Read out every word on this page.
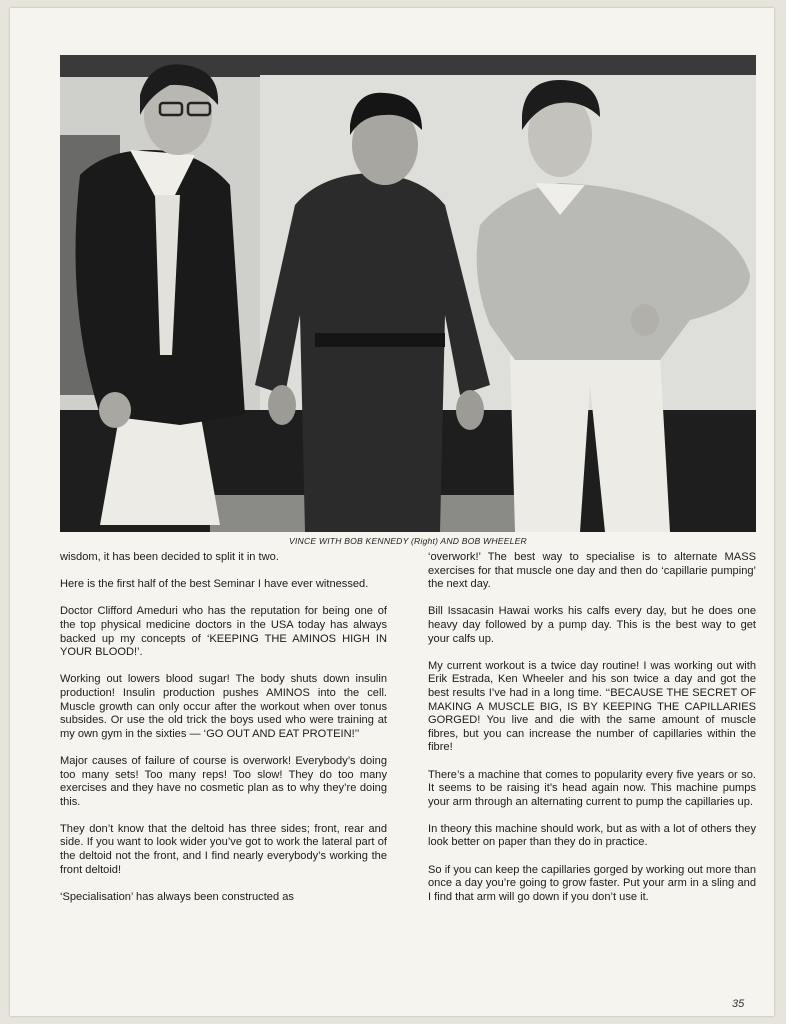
VINCE WITH BOB KENNEDY (Right) AND BOB WHEELER

wisdom, it has been decided to split it in two.

Here is the first half of the best Seminar I have ever witnessed.

Doctor Clifford Ameduri who has the reputation for being one of the top physical medicine doctors in the USA today has always backed up my concepts of ‘KEEPING THE AMINOS HIGH IN YOUR BLOOD!’.

Working out lowers blood sugar! The body shuts down insulin production! Insulin production pushes AMINOS into the cell. Muscle growth can only occur after the workout when over tonus subsides. Or use the old trick the boys used who were training at my own gym in the sixties — ‘GO OUT AND EAT PROTEIN!’’

Major causes of failure of course is overwork! Everybody’s doing too many sets! Too many reps! Too slow! They do too many exercises and they have no cosmetic plan as to why they’re doing this.

They don’t know that the deltoid has three sides; front, rear and side. If you want to look wider you’ve got to work the lateral part of the deltoid not the front, and I find nearly everybody’s working the front deltoid!

‘Specialisation’ has always been constructed as

‘overwork!’ The best way to specialise is to alternate MASS exercises for that muscle one day and then do ‘capillarie pumping’ the next day.

Bill Issacasin Hawai works his calfs every day, but he does one heavy day followed by a pump day. This is the best way to get your calfs up.

My current workout is a twice day routine! I was working out with Erik Estrada, Ken Wheeler and his son twice a day and got the best results I’ve had in a long time. ‘‘BECAUSE THE SECRET OF MAKING A MUSCLE BIG, IS BY KEEPING THE CAPILLARIES GORGED! You live and die with the same amount of muscle fibres, but you can increase the number of capillaries within the fibre!

There’s a machine that comes to popularity every five years or so. It seems to be raising it’s head again now. This machine pumps your arm through an alternating current to pump the capillaries up.

In theory this machine should work, but as with a lot of others they look better on paper than they do in practice.

So if you can keep the capillaries gorged by working out more than once a day you’re going to grow faster. Put your arm in a sling and I find that arm will go down if you don’t use it.

35
